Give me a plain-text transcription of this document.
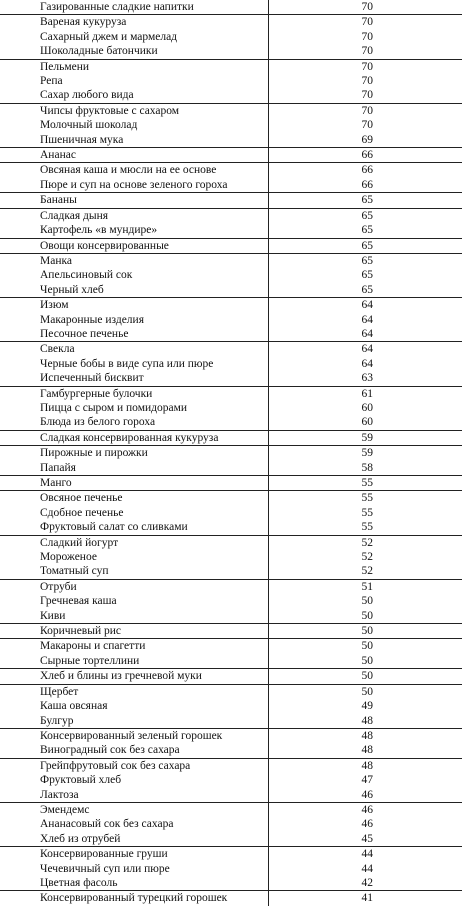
Газированные сладкие напитки	70
Вареная кукуруза	70
Сахарный джем и мармелад	70
Шоколадные батончики	70
Пельмени	70
Репа	70
Сахар любого вида	70
Чипсы фруктовые с сахаром	70
Молочный шоколад	70
Пшеничная мука	69
Ананас	66
Овсяная каша и мюсли на ее основе	66
Пюре и суп на основе зеленого гороха	66
Бананы	65
Сладкая дыня	65
Картофель «в мундире»	65
Овощи консервированные	65
Манка	65
Апельсиновый сок	65
Черный хлеб	65
Изюм	64
Макаронные изделия	64
Песочное печенье	64
Свекла	64
Черные бобы в виде супа или пюре	64
Испеченный бисквит	63
Гамбургерные булочки	61
Пицца с сыром и помидорами	60
Блюда из белого гороха	60
Сладкая консервированная кукуруза	59
Пирожные и пирожки	59
Папайя	58
Манго	55
Овсяное печенье	55
Сдобное печенье	55
Фруктовый салат со сливками	55
Сладкий йогурт	52
Мороженое	52
Томатный суп	52
Отруби	51
Гречневая каша	50
Киви	50
Коричневый рис	50
Макароны и спагетти	50
Сырные тортеллини	50
Хлеб и блины из гречневой муки	50
Щербет	50
Каша овсяная	49
Булгур	48
Консервированный зеленый горошек	48
Виноградный сок без сахара	48
Грейпфрутовый сок без сахара	48
Фруктовый хлеб	47
Лактоза	46
Эмендемс	46
Ананасовый сок без сахара	46
Хлеб из отрубей	45
Консервированные груши	44
Чечевичный суп или пюре	44
Цветная фасоль	42
Консервированный турецкий горошек	41
